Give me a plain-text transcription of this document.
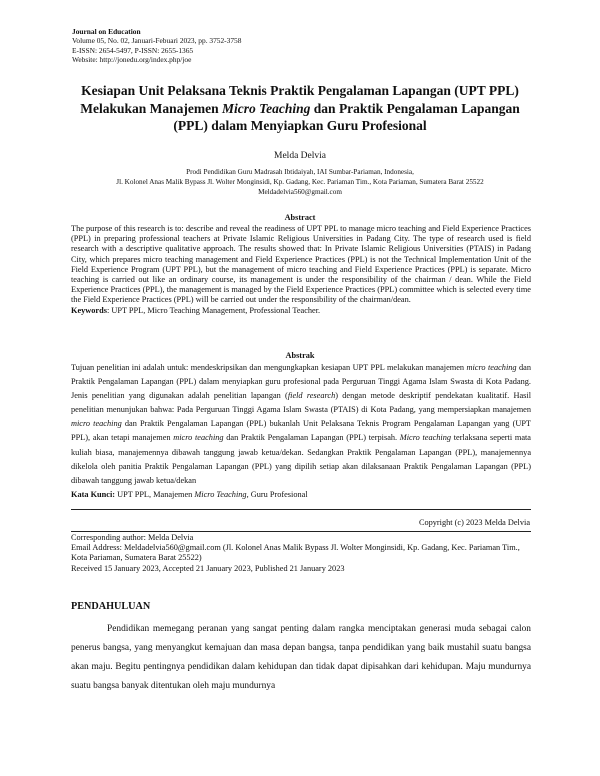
Journal on Education
Volume 05, No. 02, Januari-Febuari 2023, pp. 3752-3758
E-ISSN: 2654-5497, P-ISSN: 2655-1365
Website: http://jonedu.org/index.php/joe
Kesiapan Unit Pelaksana Teknis Praktik Pengalaman Lapangan (UPT PPL)
Melakukan Manajemen Micro Teaching dan Praktik Pengalaman Lapangan
(PPL) dalam Menyiapkan Guru Profesional
Melda Delvia
Prodi Pendidikan Guru Madrasah Ibtidaiyah, IAI Sumbar-Pariaman, Indonesia,
Jl. Kolonel Anas Malik Bypass Jl. Wolter Monginsidi, Kp. Gadang, Kec. Pariaman Tim., Kota Pariaman, Sumatera Barat 25522
Meldadelvia560@gmail.com
Abstract
The purpose of this research is to: describe and reveal the readiness of UPT PPL to manage micro teaching and Field Experience Practices (PPL) in preparing professional teachers at Private Islamic Religious Universities in Padang City. The type of research used is field research with a descriptive qualitative approach. The results showed that: In Private Islamic Religious Universities (PTAIS) in Padang City, which prepares micro teaching management and Field Experience Practices (PPL) is not the Technical Implementation Unit of the Field Experience Program (UPT PPL), but the management of micro teaching and Field Experience Practices (PPL) is separate. Micro teaching is carried out like an ordinary course, its management is under the responsibility of the chairman / dean. While the Field Experience Practices (PPL), the management is managed by the Field Experience Practices (PPL) committee which is selected every time the Field Experience Practices (PPL) will be carried out under the responsibility of the chairman/dean.
Keywords: UPT PPL, Micro Teaching Management, Professional Teacher.
Abstrak
Tujuan penelitian ini adalah untuk: mendeskripsikan dan mengungkapkan kesiapan UPT PPL melakukan manajemen micro teaching dan Praktik Pengalaman Lapangan (PPL) dalam menyiapkan guru profesional pada Perguruan Tinggi Agama Islam Swasta di Kota Padang. Jenis penelitian yang digunakan adalah penelitian lapangan (field research) dengan metode deskriptif pendekatan kualitatif. Hasil penelitian menunjukan bahwa: Pada Perguruan Tinggi Agama Islam Swasta (PTAIS) di Kota Padang, yang mempersiapkan manajemen micro teaching dan Praktik Pengalaman Lapangan (PPL) bukanlah Unit Pelaksana Teknis Program Pengalaman Lapangan yang (UPT PPL), akan tetapi manajemen micro teaching dan Praktik Pengalaman Lapangan (PPL) terpisah. Micro teaching terlaksana seperti mata kuliah biasa, manajemennya dibawah tanggung jawab ketua/dekan. Sedangkan Praktik Pengalaman Lapangan (PPL), manajemennya dikelola oleh panitia Praktik Pengalaman Lapangan (PPL) yang dipilih setiap akan dilaksanaan Praktik Pengalaman Lapangan (PPL) dibawah tanggung jawab ketua/dekan
Kata Kunci: UPT PPL, Manajemen Micro Teaching, Guru Profesional
Copyright (c) 2023 Melda Delvia
Corresponding author: Melda Delvia
Email Address: Meldadelvia560@gmail.com (Jl. Kolonel Anas Malik Bypass Jl. Wolter Monginsidi, Kp. Gadang, Kec. Pariaman Tim., Kota Pariaman, Sumatera Barat 25522)
Received 15 January 2023, Accepted 21 January 2023, Published 21 January 2023
PENDAHULUAN
Pendidikan memegang peranan yang sangat penting dalam rangka menciptakan generasi muda sebagai calon penerus bangsa, yang menyangkut kemajuan dan masa depan bangsa, tanpa pendidikan yang baik mustahil suatu bangsa akan maju. Begitu pentingnya pendidikan dalam kehidupan dan tidak dapat dipisahkan dari kehidupan. Maju mundurnya suatu bangsa banyak ditentukan oleh maju mundurnya
